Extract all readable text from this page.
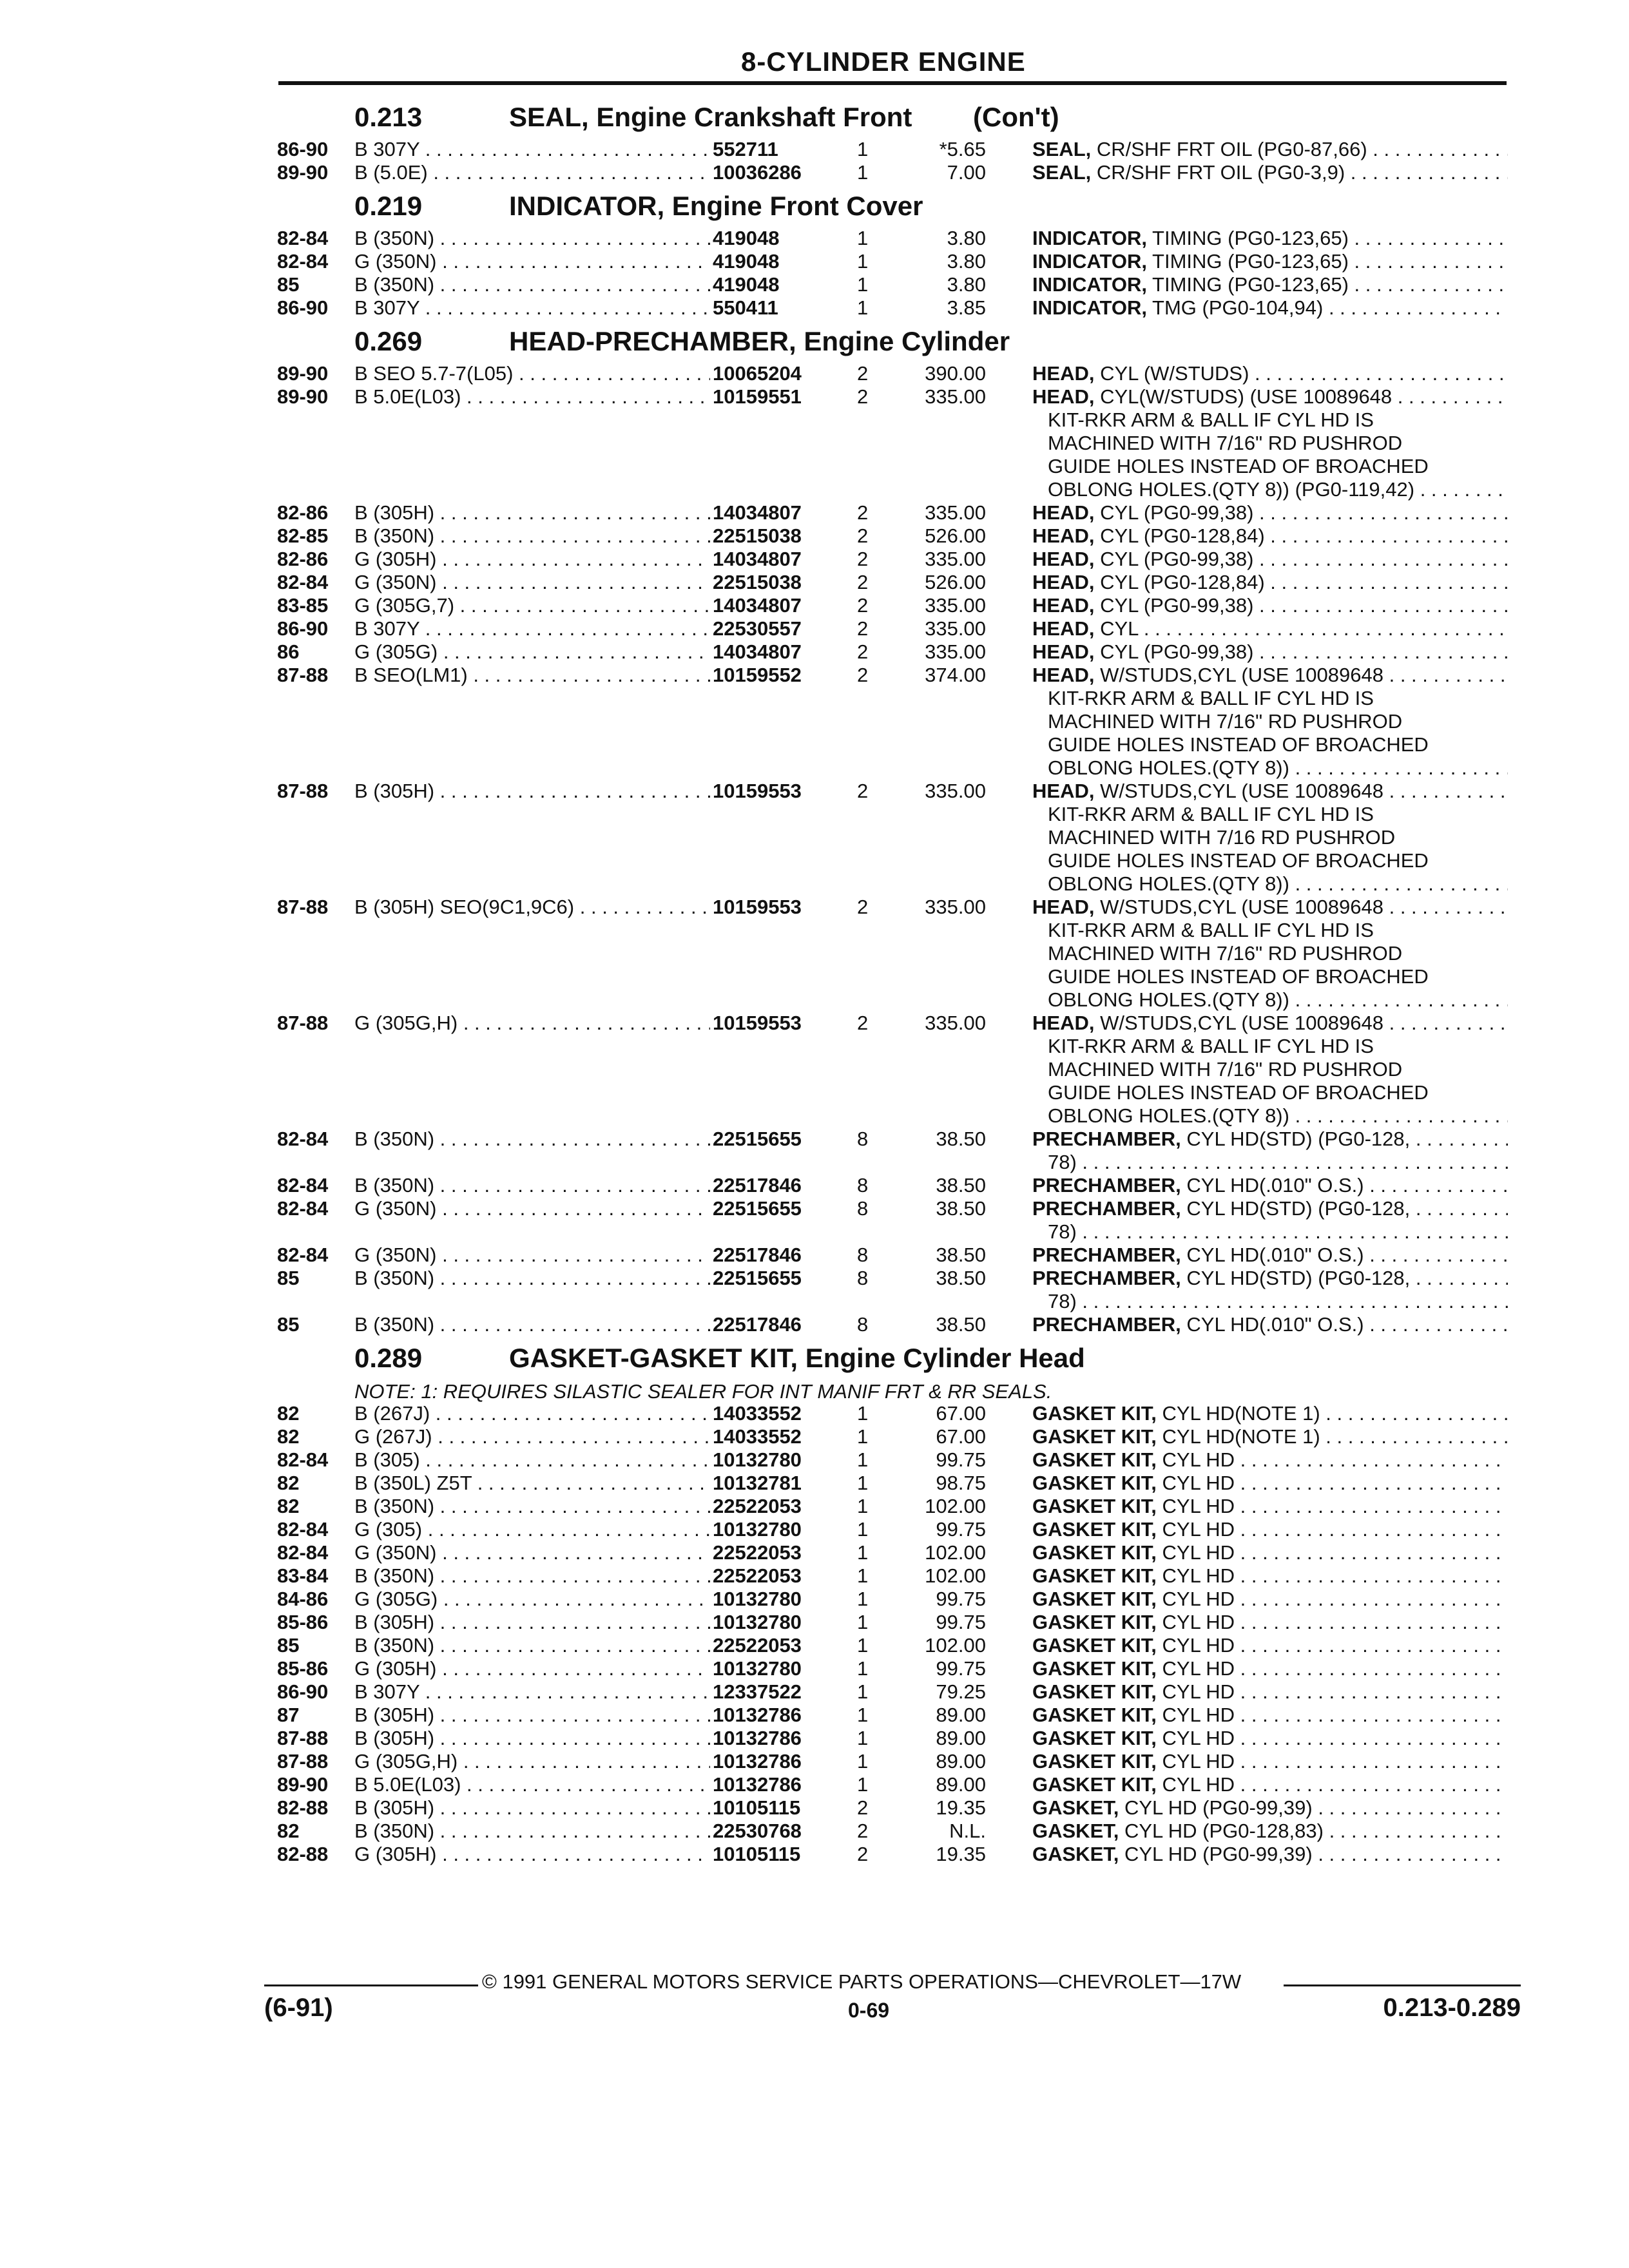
8-CYLINDER ENGINE
0.213	SEAL, Engine Crankshaft Front (Con't)
86-90 B 307Y . . .	552711	1	*5.65 SEAL, CR/SHF FRT OIL (PG0-87,66) . . .
89-90 B (5.0E) . . .	10036286	1	7.00 SEAL, CR/SHF FRT OIL (PG0-3,9) . . .
0.219	INDICATOR, Engine Front Cover
82-84 B (350N) . . .	419048	1	3.80 INDICATOR, TIMING (PG0-123,65) . . .
82-84 G (350N) . . .	419048	1	3.80 INDICATOR, TIMING (PG0-123,65) . . .
85	B (350N) . . .	419048	1	3.80 INDICATOR, TIMING (PG0-123,65) . . .
86-90 B 307Y . . .	550411	1	3.85 INDICATOR, TMG (PG0-104,94) . . .
0.269	HEAD-PRECHAMBER, Engine Cylinder
89-90 B SEO 5.7-7(L05) . . .	10065204	2	390.00 HEAD, CYL (W/STUDS) . . .
89-90 B 5.0E(L03) . . .	10159551	2	335.00 HEAD, CYL(W/STUDS) (USE 10089648 . . .
KIT-RKR ARM & BALL IF CYL HD IS
MACHINED WITH 7/16" RD PUSHROD
GUIDE HOLES INSTEAD OF BROACHED
OBLONG HOLES.(QTY 8)) (PG0-119,42) . . .
82-86 B (305H) . . .	14034807	2	335.00 HEAD, CYL (PG0-99,38) . . .
82-85 B (350N) . . .	22515038	2	526.00 HEAD, CYL (PG0-128,84) . . .
82-86 G (305H) . . .	14034807	2	335.00 HEAD, CYL (PG0-99,38) . . .
82-84 G (350N) . . .	22515038	2	526.00 HEAD, CYL (PG0-128,84) . . .
83-85 G (305G,7) . . .	14034807	2	335.00 HEAD, CYL (PG0-99,38) . . .
86-90 B 307Y . . .	22530557	2	335.00 HEAD, CYL . . .
86	G (305G) . . .	14034807	2	335.00 HEAD, CYL (PG0-99,38) . . .
87-88 B SEO(LM1) . . .	10159552	2	374.00 HEAD, W/STUDS,CYL (USE 10089648 . . .
KIT-RKR ARM & BALL IF CYL HD IS
MACHINED WITH 7/16" RD PUSHROD
GUIDE HOLES INSTEAD OF BROACHED
OBLONG HOLES.(QTY 8)) . . .
87-88 B (305H) . . .	10159553	2	335.00 HEAD, W/STUDS,CYL (USE 10089648 . . .
KIT-RKR ARM & BALL IF CYL HD IS
MACHINED WITH 7/16 RD PUSHROD
GUIDE HOLES INSTEAD OF BROACHED
OBLONG HOLES.(QTY 8)) . . .
87-88 B (305H) SEO(9C1,9C6) . . .	10159553	2	335.00 HEAD, W/STUDS,CYL (USE 10089648 . . .
KIT-RKR ARM & BALL IF CYL HD IS
MACHINED WITH 7/16" RD PUSHROD
GUIDE HOLES INSTEAD OF BROACHED
OBLONG HOLES.(QTY 8)) . . .
87-88 G (305G,H) . . .	10159553	2	335.00 HEAD, W/STUDS,CYL (USE 10089648 . . .
KIT-RKR ARM & BALL IF CYL HD IS
MACHINED WITH 7/16" RD PUSHROD
GUIDE HOLES INSTEAD OF BROACHED
OBLONG HOLES.(QTY 8)) . . .
82-84 B (350N) . . .	22515655	8	38.50 PRECHAMBER, CYL HD(STD) (PG0-128, . . .
78) . . .
82-84 B (350N) . . .	22517846	8	38.50 PRECHAMBER, CYL HD(.010" O.S.) . . .
82-84 G (350N) . . .	22515655	8	38.50 PRECHAMBER, CYL HD(STD) (PG0-128, . . .
78) . . .
82-84 G (350N) . . .	22517846	8	38.50 PRECHAMBER, CYL HD(.010" O.S.) . . .
85	B (350N) . . .	22515655	8	38.50 PRECHAMBER, CYL HD(STD) (PG0-128, . . .
78) . . .
85	B (350N) . . .	22517846	8	38.50 PRECHAMBER, CYL HD(.010" O.S.) . . .
0.289	GASKET-GASKET KIT, Engine Cylinder Head
NOTE: 1: REQUIRES SILASTIC SEALER FOR INT MANIF FRT & RR SEALS.
82	B (267J) . . .	14033552	1	67.00 GASKET KIT, CYL HD(NOTE 1) . . .
82	G (267J) . . .	14033552	1	67.00 GASKET KIT, CYL HD(NOTE 1) . . .
82-84 B (305) . . .	10132780	1	99.75 GASKET KIT, CYL HD . . .
82	B (350L) Z5T . . .	10132781	1	98.75 GASKET KIT, CYL HD . . .
82	B (350N) . . .	22522053	1	102.00 GASKET KIT, CYL HD . . .
82-84 G (305) . . .	10132780	1	99.75 GASKET KIT, CYL HD . . .
82-84 G (350N) . . .	22522053	1	102.00 GASKET KIT, CYL HD . . .
83-84 B (350N) . . .	22522053	1	102.00 GASKET KIT, CYL HD . . .
84-86 G (305G) . . .	10132780	1	99.75 GASKET KIT, CYL HD . . .
85-86 B (305H) . . .	10132780	1	99.75 GASKET KIT, CYL HD . . .
85	B (350N) . . .	22522053	1	102.00 GASKET KIT, CYL HD . . .
85-86 G (305H) . . .	10132780	1	99.75 GASKET KIT, CYL HD . . .
86-90 B 307Y . . .	12337522	1	79.25 GASKET KIT, CYL HD . . .
87	B (305H) . . .	10132786	1	89.00 GASKET KIT, CYL HD . . .
87-88 B (305H) . . .	10132786	1	89.00 GASKET KIT, CYL HD . . .
87-88 G (305G,H) . . .	10132786	1	89.00 GASKET KIT, CYL HD . . .
89-90 B 5.0E(L03) . . .	10132786	1	89.00 GASKET KIT, CYL HD . . .
82-88 B (305H) . . .	10105115	2	19.35 GASKET, CYL HD (PG0-99,39) . . .
82	B (350N) . . .	22530768	2	N.L. GASKET, CYL HD (PG0-128,83) . . .
82-88 G (305H) . . .	10105115	2	19.35 GASKET, CYL HD (PG0-99,39) . . .
© 1991 GENERAL MOTORS SERVICE PARTS OPERATIONS—CHEVROLET—17W
(6-91)	0-69	0.213-0.289
